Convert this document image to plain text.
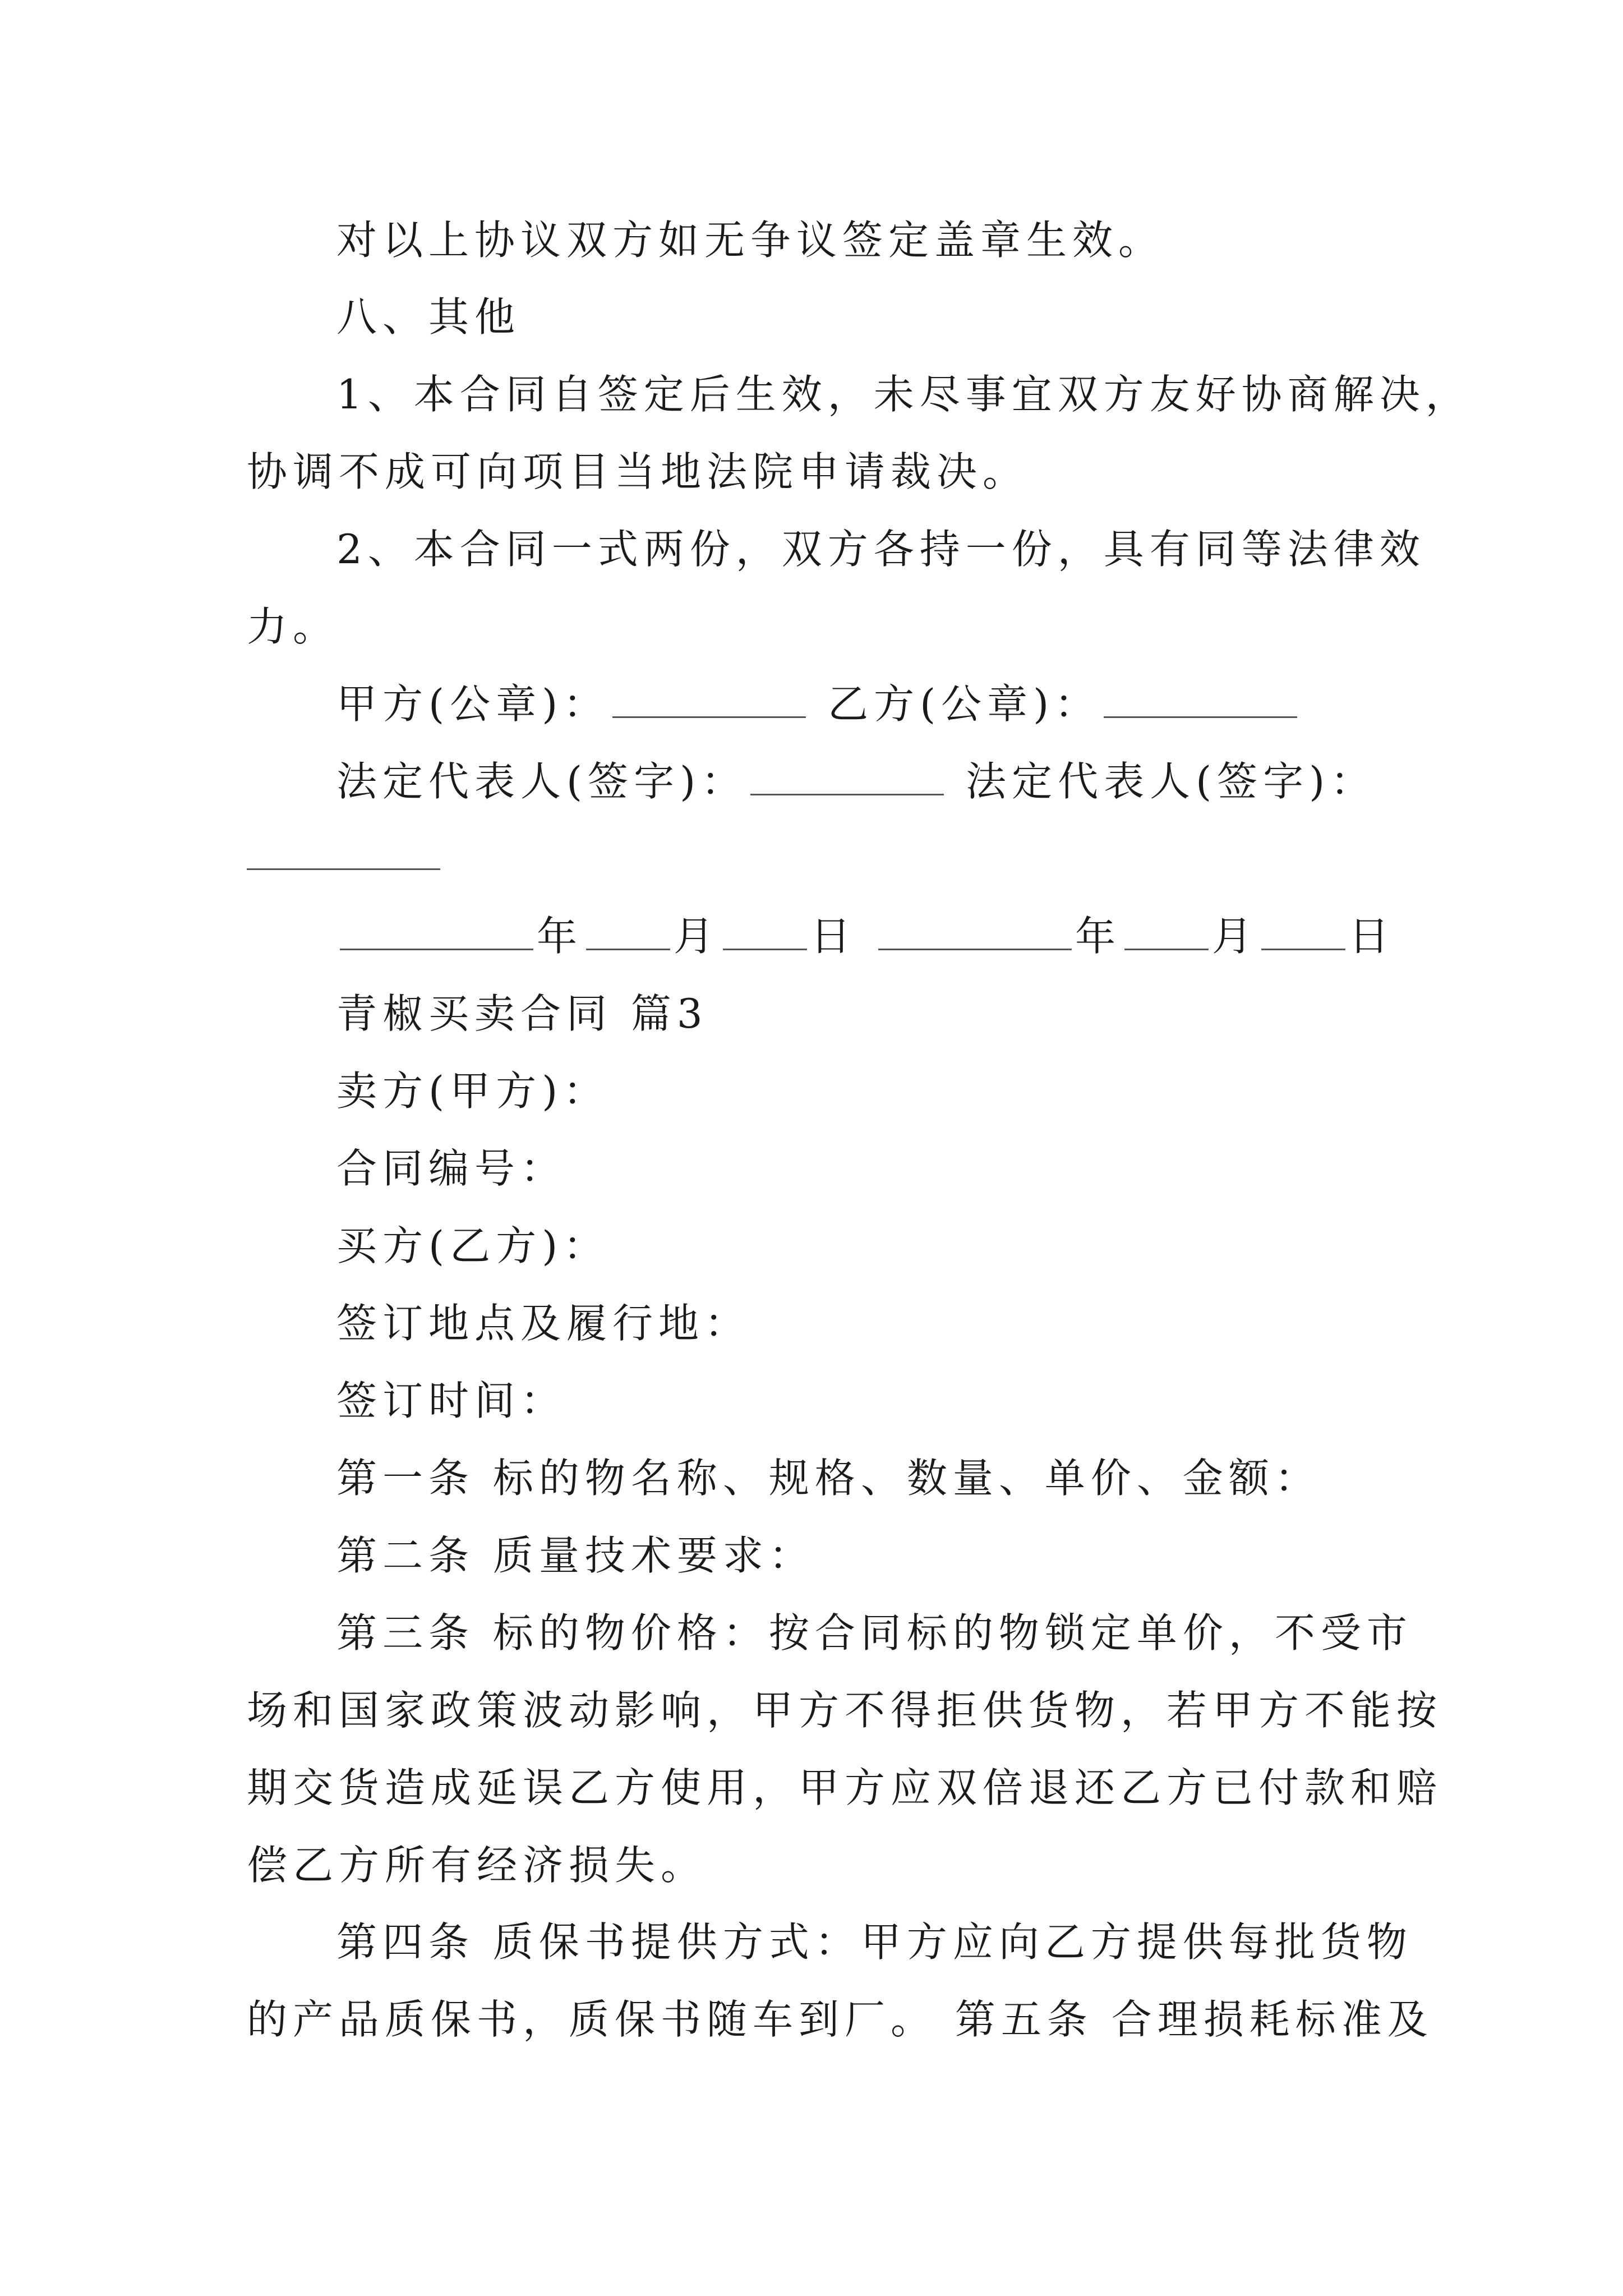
对以上协议双方如无争议签定盖章生效。
八、其他
1、本合同自签定后生效，未尽事宜双方友好协商解决，
协调不成可向项目当地法院申请裁决。
2、本合同一式两份，双方各持一份，具有同等法律效
力。
甲方(公章)：	乙方(公章)：
法定代表人(签字)：	法定代表人(签字)：
年 月 日	年 月 日
青椒买卖合同 篇3
卖方(甲方)：
合同编号：
买方(乙方)：
签订地点及履行地：
签订时间：
第一条 标的物名称、规格、数量、单价、金额：
第二条 质量技术要求：
第三条 标的物价格：按合同标的物锁定单价，不受市
场和国家政策波动影响，甲方不得拒供货物，若甲方不能按
期交货造成延误乙方使用，甲方应双倍退还乙方已付款和赔
偿乙方所有经济损失。
第四条 质保书提供方式：甲方应向乙方提供每批货物
的产品质保书，质保书随车到厂。 第五条 合理损耗标准及
